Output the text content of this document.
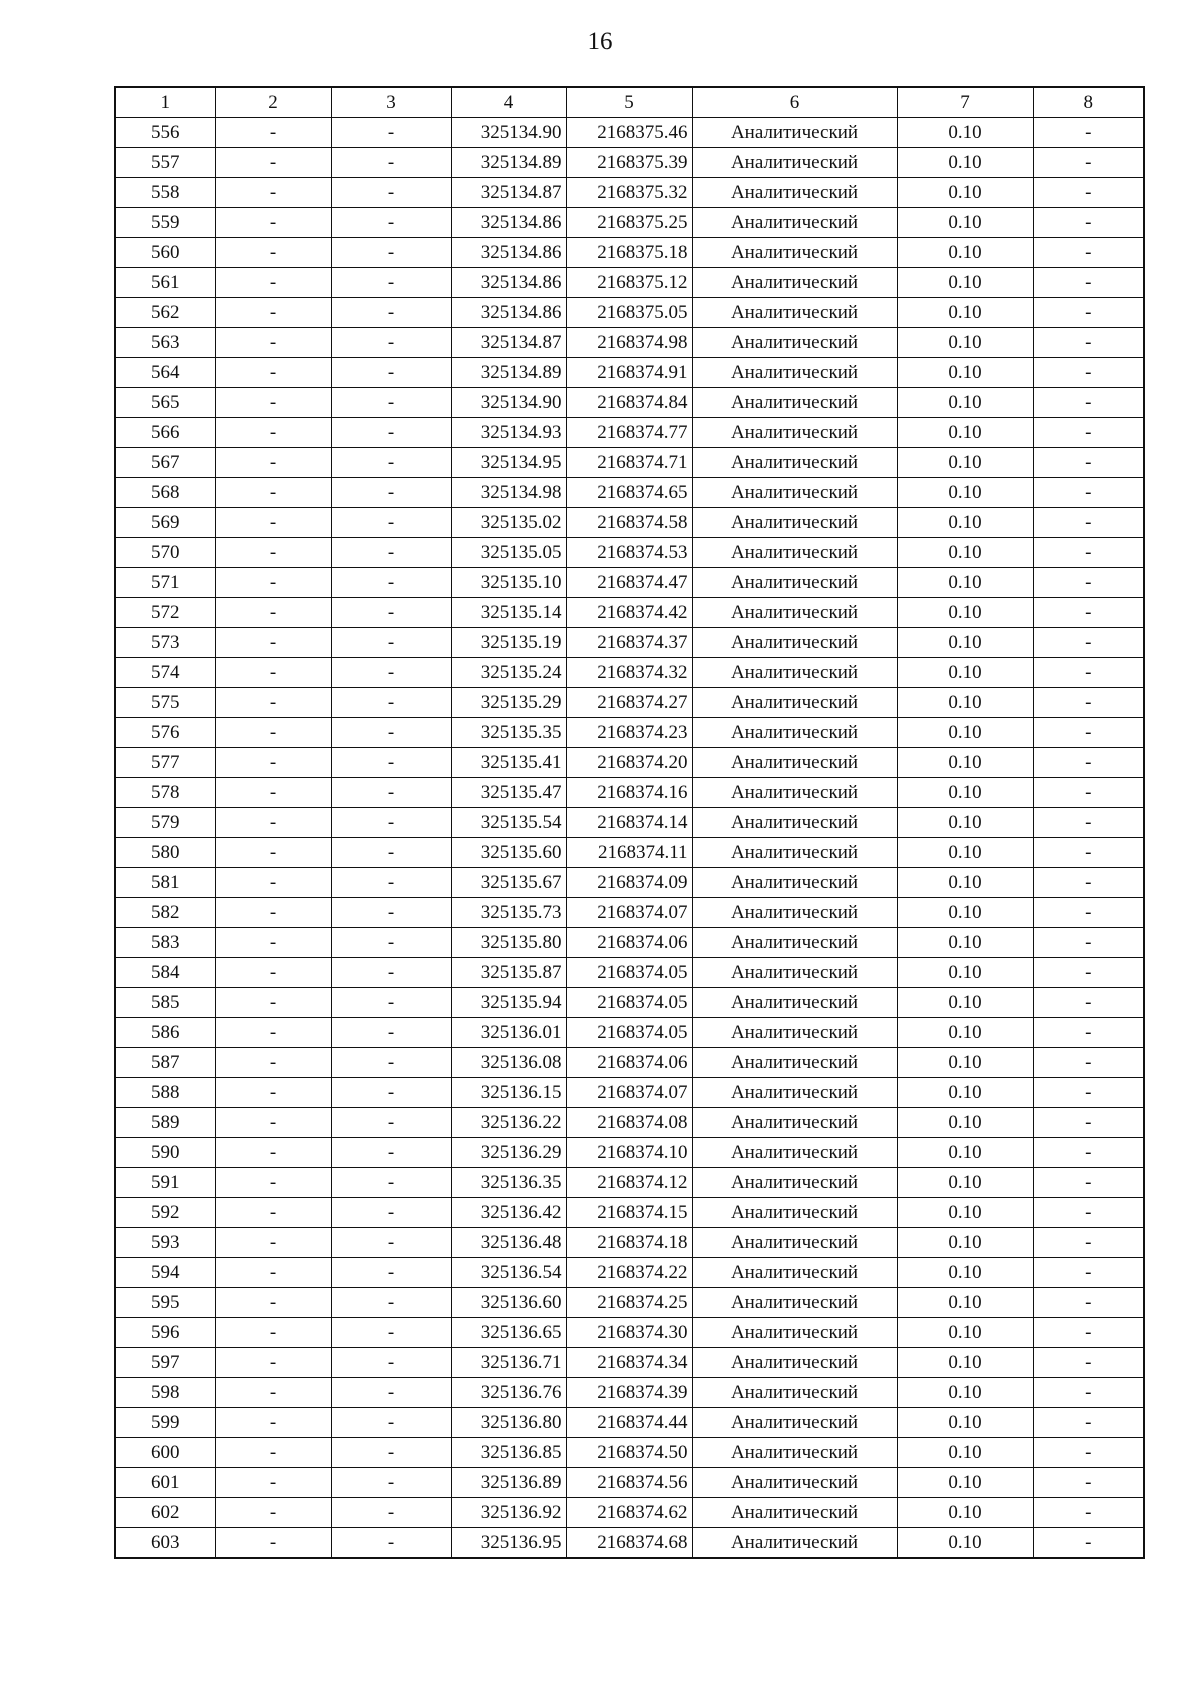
16
1	2	3	4	5	6	7	8
556	-	-	325134.90	2168375.46	Аналитический	0.10	-
557	-	-	325134.89	2168375.39	Аналитический	0.10	-
558	-	-	325134.87	2168375.32	Аналитический	0.10	-
559	-	-	325134.86	2168375.25	Аналитический	0.10	-
560	-	-	325134.86	2168375.18	Аналитический	0.10	-
561	-	-	325134.86	2168375.12	Аналитический	0.10	-
562	-	-	325134.86	2168375.05	Аналитический	0.10	-
563	-	-	325134.87	2168374.98	Аналитический	0.10	-
564	-	-	325134.89	2168374.91	Аналитический	0.10	-
565	-	-	325134.90	2168374.84	Аналитический	0.10	-
566	-	-	325134.93	2168374.77	Аналитический	0.10	-
567	-	-	325134.95	2168374.71	Аналитический	0.10	-
568	-	-	325134.98	2168374.65	Аналитический	0.10	-
569	-	-	325135.02	2168374.58	Аналитический	0.10	-
570	-	-	325135.05	2168374.53	Аналитический	0.10	-
571	-	-	325135.10	2168374.47	Аналитический	0.10	-
572	-	-	325135.14	2168374.42	Аналитический	0.10	-
573	-	-	325135.19	2168374.37	Аналитический	0.10	-
574	-	-	325135.24	2168374.32	Аналитический	0.10	-
575	-	-	325135.29	2168374.27	Аналитический	0.10	-
576	-	-	325135.35	2168374.23	Аналитический	0.10	-
577	-	-	325135.41	2168374.20	Аналитический	0.10	-
578	-	-	325135.47	2168374.16	Аналитический	0.10	-
579	-	-	325135.54	2168374.14	Аналитический	0.10	-
580	-	-	325135.60	2168374.11	Аналитический	0.10	-
581	-	-	325135.67	2168374.09	Аналитический	0.10	-
582	-	-	325135.73	2168374.07	Аналитический	0.10	-
583	-	-	325135.80	2168374.06	Аналитический	0.10	-
584	-	-	325135.87	2168374.05	Аналитический	0.10	-
585	-	-	325135.94	2168374.05	Аналитический	0.10	-
586	-	-	325136.01	2168374.05	Аналитический	0.10	-
587	-	-	325136.08	2168374.06	Аналитический	0.10	-
588	-	-	325136.15	2168374.07	Аналитический	0.10	-
589	-	-	325136.22	2168374.08	Аналитический	0.10	-
590	-	-	325136.29	2168374.10	Аналитический	0.10	-
591	-	-	325136.35	2168374.12	Аналитический	0.10	-
592	-	-	325136.42	2168374.15	Аналитический	0.10	-
593	-	-	325136.48	2168374.18	Аналитический	0.10	-
594	-	-	325136.54	2168374.22	Аналитический	0.10	-
595	-	-	325136.60	2168374.25	Аналитический	0.10	-
596	-	-	325136.65	2168374.30	Аналитический	0.10	-
597	-	-	325136.71	2168374.34	Аналитический	0.10	-
598	-	-	325136.76	2168374.39	Аналитический	0.10	-
599	-	-	325136.80	2168374.44	Аналитический	0.10	-
600	-	-	325136.85	2168374.50	Аналитический	0.10	-
601	-	-	325136.89	2168374.56	Аналитический	0.10	-
602	-	-	325136.92	2168374.62	Аналитический	0.10	-
603	-	-	325136.95	2168374.68	Аналитический	0.10	-
